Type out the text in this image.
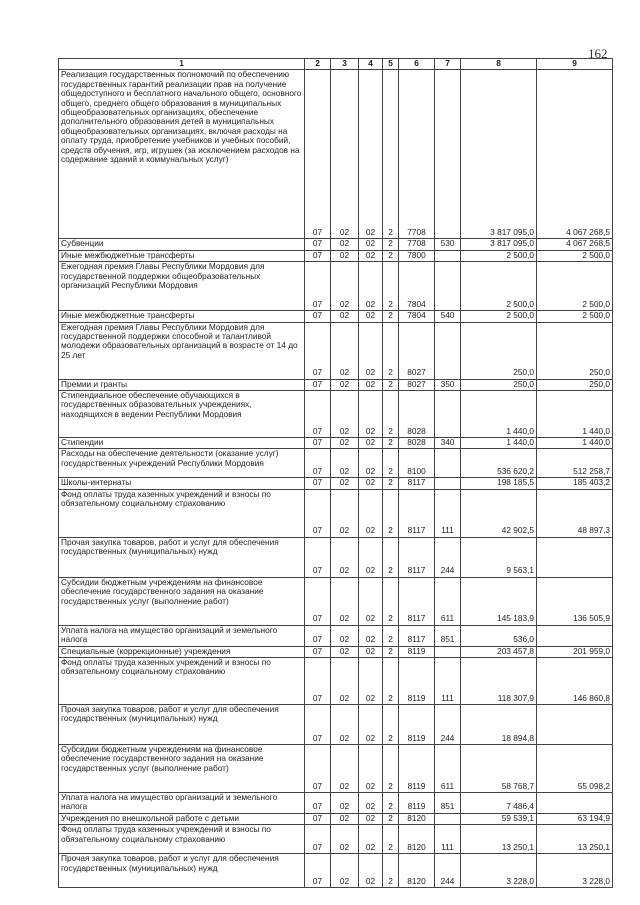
162
1	2	3	4	5	6	7	8	9
Реализация государственных полномочий по обеспечению государственных гарантий реализации прав на получение общедоступного и бесплатного начального общего, основного общего, среднего общего образования в муниципальных общеобразовательных организациях, обеспечение дополнительного образования детей в муниципальных общеобразовательных организациях, включая расходы на оплату труда, приобретение учебников и учебных пособий, средств обучения, игр, игрушек (за исключением расходов на содержание зданий и коммунальных услуг)	07	02	02	2	7708		3 817 095,0	4 067 268,5
Субвенции	07	02	02	2	7708	530	3 817 095,0	4 067 268,5
Иные межбюджетные трансферты	07	02	02	2	7800		2 500,0	2 500,0
Ежегодная премия Главы Республики Мордовия для государственной поддержки общеобразовательных организаций Республики Мордовия	07	02	02	2	7804		2 500,0	2 500,0
Иные межбюджетные трансферты	07	02	02	2	7804	540	2 500,0	2 500,0
Ежегодная премия Главы Республики Мордовия для государственной поддержки способной и талантливой молодежи образовательных организаций в возрасте от 14 до 25 лет	07	02	02	2	8027		250,0	250,0
Премии и гранты	07	02	02	2	8027	350	250,0	250,0
Стипендиальное обеспечение обучающихся в государственных образовательных учреждениях, находящихся в ведении Республики Мордовия	07	02	02	2	8028		1 440,0	1 440,0
Стипендии	07	02	02	2	8028	340	1 440,0	1 440,0
Расходы на обеспечение деятельности (оказание услуг) государственных учреждений Республики Мордовия	07	02	02	2	8100		536 620,2	512 258,7
Школы-интернаты	07	02	02	2	8117		198 185,5	185 403,2
Фонд оплаты труда казенных учреждений и взносы по обязательному социальному страхованию	07	02	02	2	8117	111	42 902,5	48 897,3
Прочая закупка товаров, работ и услуг для обеспечения государственных (муниципальных) нужд	07	02	02	2	8117	244	9 563,1	
Субсидии бюджетным учреждениям на финансовое обеспечение государственного задания на оказание государственных услуг (выполнение работ)	07	02	02	2	8117	611	145 183,9	136 505,9
Уплата налога на имущество организаций и земельного налога	07	02	02	2	8117	851	536,0	
Специальные (коррекционные) учреждения	07	02	02	2	8119		203 457,8	201 959,0
Фонд оплаты труда казенных учреждений и взносы по обязательному социальному страхованию	07	02	02	2	8119	111	118 307,9	146 860,8
Прочая закупка товаров, работ и услуг для обеспечения государственных (муниципальных) нужд	07	02	02	2	8119	244	18 894,8	
Субсидии бюджетным учреждениям на финансовое обеспечение государственного задания на оказание государственных услуг (выполнение работ)	07	02	02	2	8119	611	58 768,7	55 098,2
Уплата налога на имущество организаций и земельного налога	07	02	02	2	8119	851	7 486,4	
Учреждения по внешкольной работе с детьми	07	02	02	2	8120		59 539,1	63 194,9
Фонд оплаты труда казенных учреждений и взносы по обязательному социальному страхованию	07	02	02	2	8120	111	13 250,1	13 250,1
Прочая закупка товаров, работ и услуг для обеспечения государственных (муниципальных) нужд	07	02	02	2	8120	244	3 228,0	3 228,0
